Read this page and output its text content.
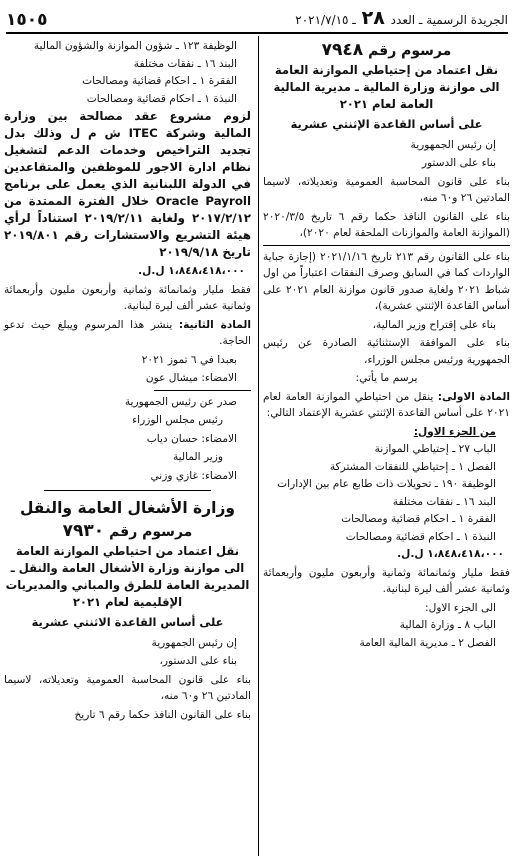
الجريدة الرسمية ـ العدد ٢٨ ـ ٢٠٢١/٧/١٥
١٥٠٥
مرسوم رقم ٧٩٤٨

نقل اعتماد من إحتياطي الموازنة العامة الى موازنة وزارة المالية ـ مديرية المالية العامة لعام ٢٠٢١

على أساس القاعدة الإثنتي عشرية

إن رئيس الجمهورية

بناء على الدستور

بناء على قانون المحاسبة العمومية وتعديلاته، لاسيما المادتين ٢٦ و٦٠ منه،

بناء على القانون النافذ حكما رقم ٦ تاريخ ٢٠٢٠/٣/٥ (الموازنة العامة والموازنات الملحقة لعام ٢٠٢٠)،

بناء على القانون رقم ٢١٣ تاريخ ٢٠٢١/١/١٦ (إجازة جباية الواردات كما في السابق وصرف النفقات اعتباراً من اول شباط ٢٠٢١ ولغاية صدور قانون موازنة العام ٢٠٢١ على أساس القاعدة الإثنتي عشرية)،

بناء على إقتراح وزير المالية،

بناء على الموافقة الإستثنائية الصادرة عن رئيس الجمهورية ورئيس مجلس الوزراء،

يرسم ما يأتي:

المادة الاولى: ينقل من احتياطي الموازنة العامة لعام ٢٠٢١ على أساس القاعدة الإثنتي عشرية الإعتماد التالي:

من الجزء الاول:

الباب ٢٧ ـ إحتياطي الموازنة

الفصل ١ ـ إحتياطي للنفقات المشتركة

الوظيفة ١٩٠ ـ تحويلات ذات طابع عام بين الإدارات

البند ١٦ ـ نفقات مختلفة

الفقرة ١ ـ احكام قضائية ومصالحات

النبذة ١ ـ احكام قضائية ومصالحات

١،٨٤٨،٤١٨،٠٠٠ ل.ل.

فقط مليار وثمانمائة وثمانية وأربعون مليون وأربعمائة وثمانية عشر ألف ليرة لبنانية.

الى الجزء الاول:

الباب ٨ ـ وزارة المالية

الفصل ٢ ـ مديرية المالية العامة

الوظيفة ١٢٣ ـ شؤون الموازنة والشؤون المالية

البند ١٦ ـ نفقات مختلفة

الفقرة ١ ـ احكام قضائية ومصالحات

النبذة ١ ـ احكام قضائية ومصالحات

لزوم مشروع عقد مصالحة بين وزارة المالية وشركة ITEC ش م ل وذلك بدل تجديد التراخيص وخدمات الدعم لتشغيل نظام ادارة الاجور للموظفين والمتقاعدين في الدولة اللبنانية الذي يعمل على برنامج Oracle Payroll خلال الفترة الممتدة من ٢٠١٧/٢/١٢ ولغاية ٢٠١٩/٢/١١ استناداً لرأي هيئة التشريع والاستشارات رقم ٢٠١٩/٨٠١ تاريخ ٢٠١٩/٩/١٨

١،٨٤٨،٤١٨،٠٠٠ ل.ل.

فقط مليار وثمانمائة وثمانية وأربعون مليون وأربعمائة وثمانية عشر ألف ليرة لبنانية.

المادة الثانية: ينشر هذا المرسوم ويبلغ حيث تدعو الحاجة.

بعبدا في ٦ تموز ٢٠٢١

الامضاء: ميشال عون

صدر عن رئيس الجمهورية

رئيس مجلس الوزراء

الامضاء: حسان دياب

وزير المالية

الامضاء: غازي وزني

وزارة الأشغال العامة والنقل

مرسوم رقم ٧٩٣٠

نقل اعتماد من احتياطي الموازنة العامة الى موازنة وزارة الأشغال العامة والنقل ـ المديرية العامة للطرق والمباني والمديريات الإقليمية لعام ٢٠٢١

على أساس القاعدة الاثنتي عشرية

إن رئيس الجمهورية

بناء على الدستور،

بناء على قانون المحاسبة العمومية وتعديلاته، لاسيما المادتين ٢٦ و٦٠ منه،

بناء على القانون النافذ حكما رقم ٦ تاريخ
